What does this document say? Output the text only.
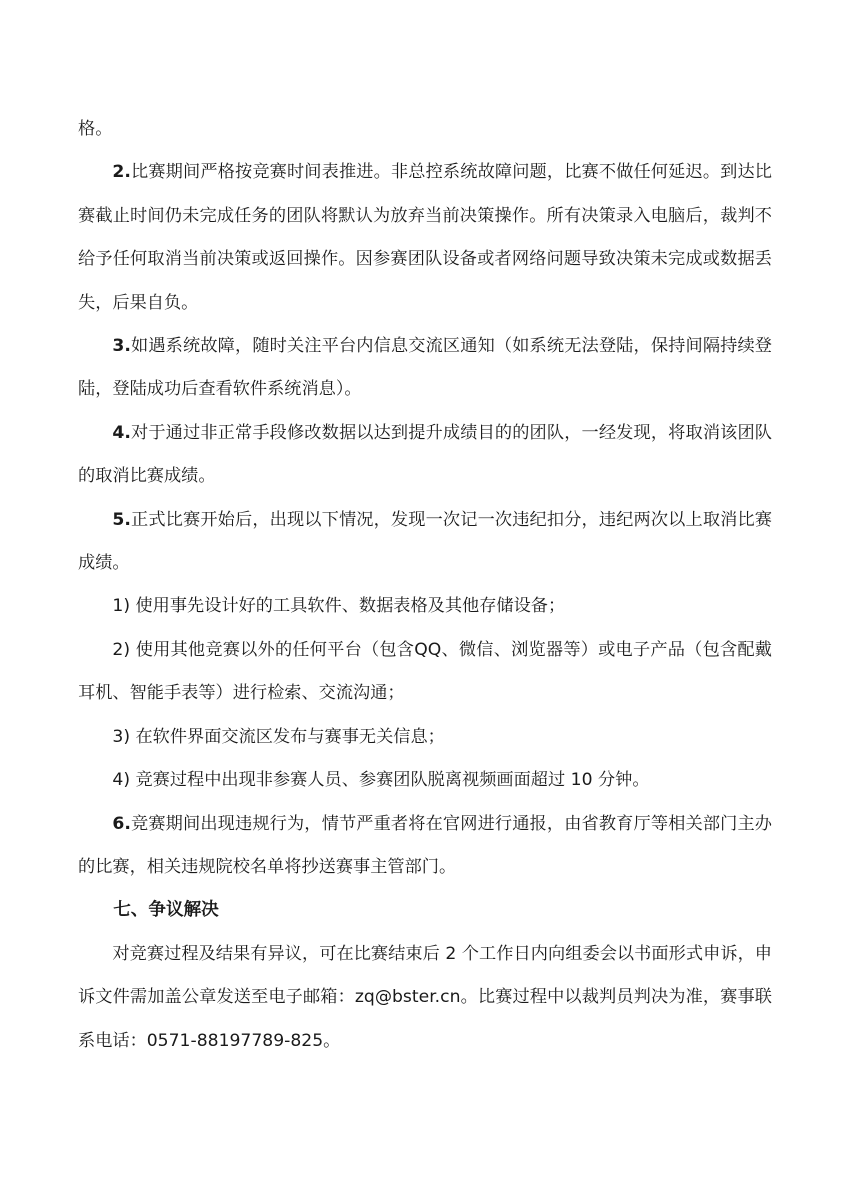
格。

2.比赛期间严格按竞赛时间表推进。非总控系统故障问题，比赛不做任何延迟。到达比赛截止时间仍未完成任务的团队将默认为放弃当前决策操作。所有决策录入电脑后，裁判不给予任何取消当前决策或返回操作。因参赛团队设备或者网络问题导致决策未完成或数据丢失，后果自负。

3.如遇系统故障，随时关注平台内信息交流区通知（如系统无法登陆，保持间隔持续登陆，登陆成功后查看软件系统消息）。

4.对于通过非正常手段修改数据以达到提升成绩目的的团队，一经发现，将取消该团队的取消比赛成绩。

5.正式比赛开始后，出现以下情况，发现一次记一次违纪扣分，违纪两次以上取消比赛成绩。

1) 使用事先设计好的工具软件、数据表格及其他存储设备；

2) 使用其他竞赛以外的任何平台（包含QQ、微信、浏览器等）或电子产品（包含配戴耳机、智能手表等）进行检索、交流沟通；

3) 在软件界面交流区发布与赛事无关信息；

4) 竞赛过程中出现非参赛人员、参赛团队脱离视频画面超过 10 分钟。

6.竞赛期间出现违规行为，情节严重者将在官网进行通报，由省教育厅等相关部门主办的比赛，相关违规院校名单将抄送赛事主管部门。

七、争议解决

对竞赛过程及结果有异议，可在比赛结束后 2 个工作日内向组委会以书面形式申诉，申诉文件需加盖公章发送至电子邮箱：zq@bster.cn。比赛过程中以裁判员判决为准，赛事联系电话：0571-88197789-825。
